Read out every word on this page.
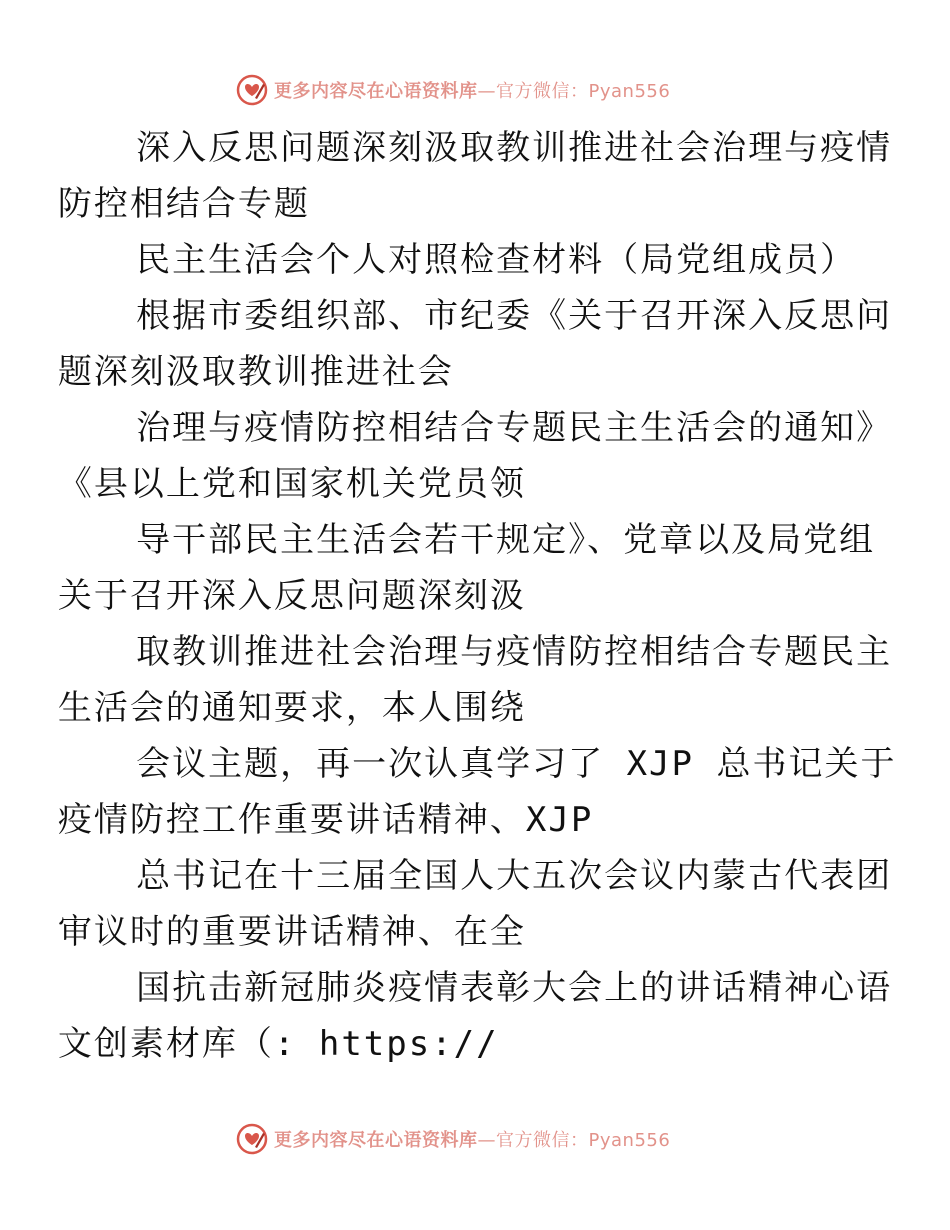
更多内容尽在心语资料库 —官方微信：Pyan556

深入反思问题深刻汲取教训推进社会治理与疫情
防控相结合专题

民主生活会个人对照检查材料（局党组成员）

根据市委组织部、市纪委《关于召开深入反思问
题深刻汲取教训推进社会

治理与疫情防控相结合专题民主生活会的通知》
《县以上党和国家机关党员领

导干部民主生活会若干规定》、党章以及局党组
关于召开深入反思问题深刻汲

取教训推进社会治理与疫情防控相结合专题民主
生活会的通知要求，本人围绕

会议主题，再一次认真学习了 XJP 总书记关于
疫情防控工作重要讲话精神、XJP

总书记在十三届全国人大五次会议内蒙古代表团
审议时的重要讲话精神、在全

国抗击新冠肺炎疫情表彰大会上的讲话精神心语
文创素材库（: https://

更多内容尽在心语资料库 —官方微信：Pyan556
